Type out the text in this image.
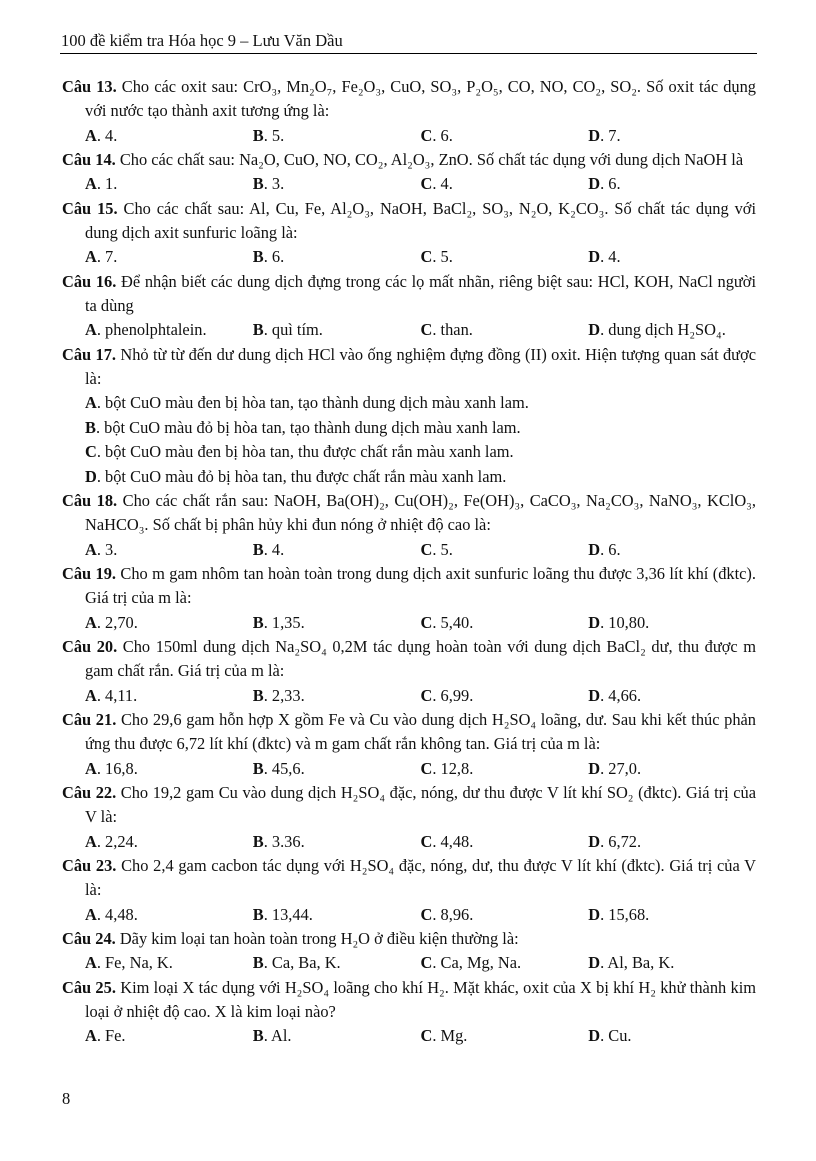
100 đề kiểm tra Hóa học 9 – Lưu Văn Dầu
Câu 13. Cho các oxit sau: CrO₃, Mn₂O₇, Fe₂O₃, CuO, SO₃, P₂O₅, CO, NO, CO₂, SO₂. Số oxit tác dụng với nước tạo thành axit tương ứng là:
A. 4.	B. 5.	C. 6.	D. 7.
Câu 14. Cho các chất sau: Na₂O, CuO, NO, CO₂, Al₂O₃, ZnO. Số chất tác dụng với dung dịch NaOH là
A. 1.	B. 3.	C. 4.	D. 6.
Câu 15. Cho các chất sau: Al, Cu, Fe, Al₂O₃, NaOH, BaCl₂, SO₃, N₂O, K₂CO₃. Số chất tác dụng với dung dịch axit sunfuric loãng là:
A. 7.	B. 6.	C. 5.	D. 4.
Câu 16. Để nhận biết các dung dịch đựng trong các lọ mất nhãn, riêng biệt sau: HCl, KOH, NaCl người ta dùng
A. phenolphtalein.	B. quì tím.	C. than.	D. dung dịch H₂SO₄.
Câu 17. Nhỏ từ từ đến dư dung dịch HCl vào ống nghiệm đựng đồng (II) oxit. Hiện tượng quan sát được là:
A. bột CuO màu đen bị hòa tan, tạo thành dung dịch màu xanh lam.
B. bột CuO màu đỏ bị hòa tan, tạo thành dung dịch màu xanh lam.
C. bột CuO màu đen bị hòa tan, thu được chất rắn màu xanh lam.
D. bột CuO màu đỏ bị hòa tan, thu được chất rắn màu xanh lam.
Câu 18. Cho các chất rắn sau: NaOH, Ba(OH)₂, Cu(OH)₂, Fe(OH)₃, CaCO₃, Na₂CO₃, NaNO₃, KClO₃, NaHCO₃. Số chất bị phân hủy khi đun nóng ở nhiệt độ cao là:
A. 3.	B. 4.	C. 5.	D. 6.
Câu 19. Cho m gam nhôm tan hoàn toàn trong dung dịch axit sunfuric loãng thu được 3,36 lít khí (đktc). Giá trị của m là:
A. 2,70.	B. 1,35.	C. 5,40.	D. 10,80.
Câu 20. Cho 150ml dung dịch Na₂SO₄ 0,2M tác dụng hoàn toàn với dung dịch BaCl₂ dư, thu được m gam chất rắn. Giá trị của m là:
A. 4,11.	B. 2,33.	C. 6,99.	D. 4,66.
Câu 21. Cho 29,6 gam hỗn hợp X gồm Fe và Cu vào dung dịch H₂SO₄ loãng, dư. Sau khi kết thúc phản ứng thu được 6,72 lít khí (đktc) và m gam chất rắn không tan. Giá trị của m là:
A. 16,8.	B. 45,6.	C. 12,8.	D. 27,0.
Câu 22. Cho 19,2 gam Cu vào dung dịch H₂SO₄ đặc, nóng, dư thu được V lít khí SO₂ (đktc). Giá trị của V là:
A. 2,24.	B. 3.36.	C. 4,48.	D. 6,72.
Câu 23. Cho 2,4 gam cacbon tác dụng với H₂SO₄ đặc, nóng, dư, thu được V lít khí (đktc). Giá trị của V là:
A. 4,48.	B. 13,44.	C. 8,96.	D. 15,68.
Câu 24. Dãy kim loại tan hoàn toàn trong H₂O ở điều kiện thường là:
A. Fe, Na, K.	B. Ca, Ba, K.	C. Ca, Mg, Na.	D. Al, Ba, K.
Câu 25. Kim loại X tác dụng với H₂SO₄ loãng cho khí H₂. Mặt khác, oxit của X bị khí H₂ khử thành kim loại ở nhiệt độ cao. X là kim loại nào?
A. Fe.	B. Al.	C. Mg.	D. Cu.
8
